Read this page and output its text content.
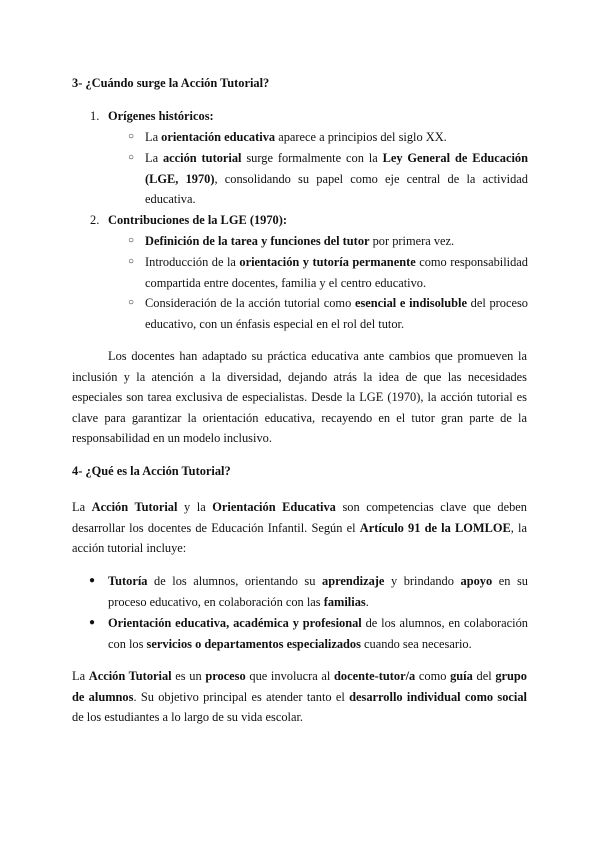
3- ¿Cuándo surge la Acción Tutorial?
1. Orígenes históricos:
○ La orientación educativa aparece a principios del siglo XX.
○ La acción tutorial surge formalmente con la Ley General de Educación (LGE, 1970), consolidando su papel como eje central de la actividad educativa.
2. Contribuciones de la LGE (1970):
○ Definición de la tarea y funciones del tutor por primera vez.
○ Introducción de la orientación y tutoría permanente como responsabilidad compartida entre docentes, familia y el centro educativo.
○ Consideración de la acción tutorial como esencial e indisoluble del proceso educativo, con un énfasis especial en el rol del tutor.
Los docentes han adaptado su práctica educativa ante cambios que promueven la inclusión y la atención a la diversidad, dejando atrás la idea de que las necesidades especiales son tarea exclusiva de especialistas. Desde la LGE (1970), la acción tutorial es clave para garantizar la orientación educativa, recayendo en el tutor gran parte de la responsabilidad en un modelo inclusivo.
4- ¿Qué es la Acción Tutorial?
La Acción Tutorial y la Orientación Educativa son competencias clave que deben desarrollar los docentes de Educación Infantil. Según el Artículo 91 de la LOMLOE, la acción tutorial incluye:
●	Tutoría de los alumnos, orientando su aprendizaje y brindando apoyo en su proceso educativo, en colaboración con las familias.
●	Orientación educativa, académica y profesional de los alumnos, en colaboración con los servicios o departamentos especializados cuando sea necesario.
La Acción Tutorial es un proceso que involucra al docente-tutor/a como guía del grupo de alumnos. Su objetivo principal es atender tanto el desarrollo individual como social de los estudiantes a lo largo de su vida escolar.
